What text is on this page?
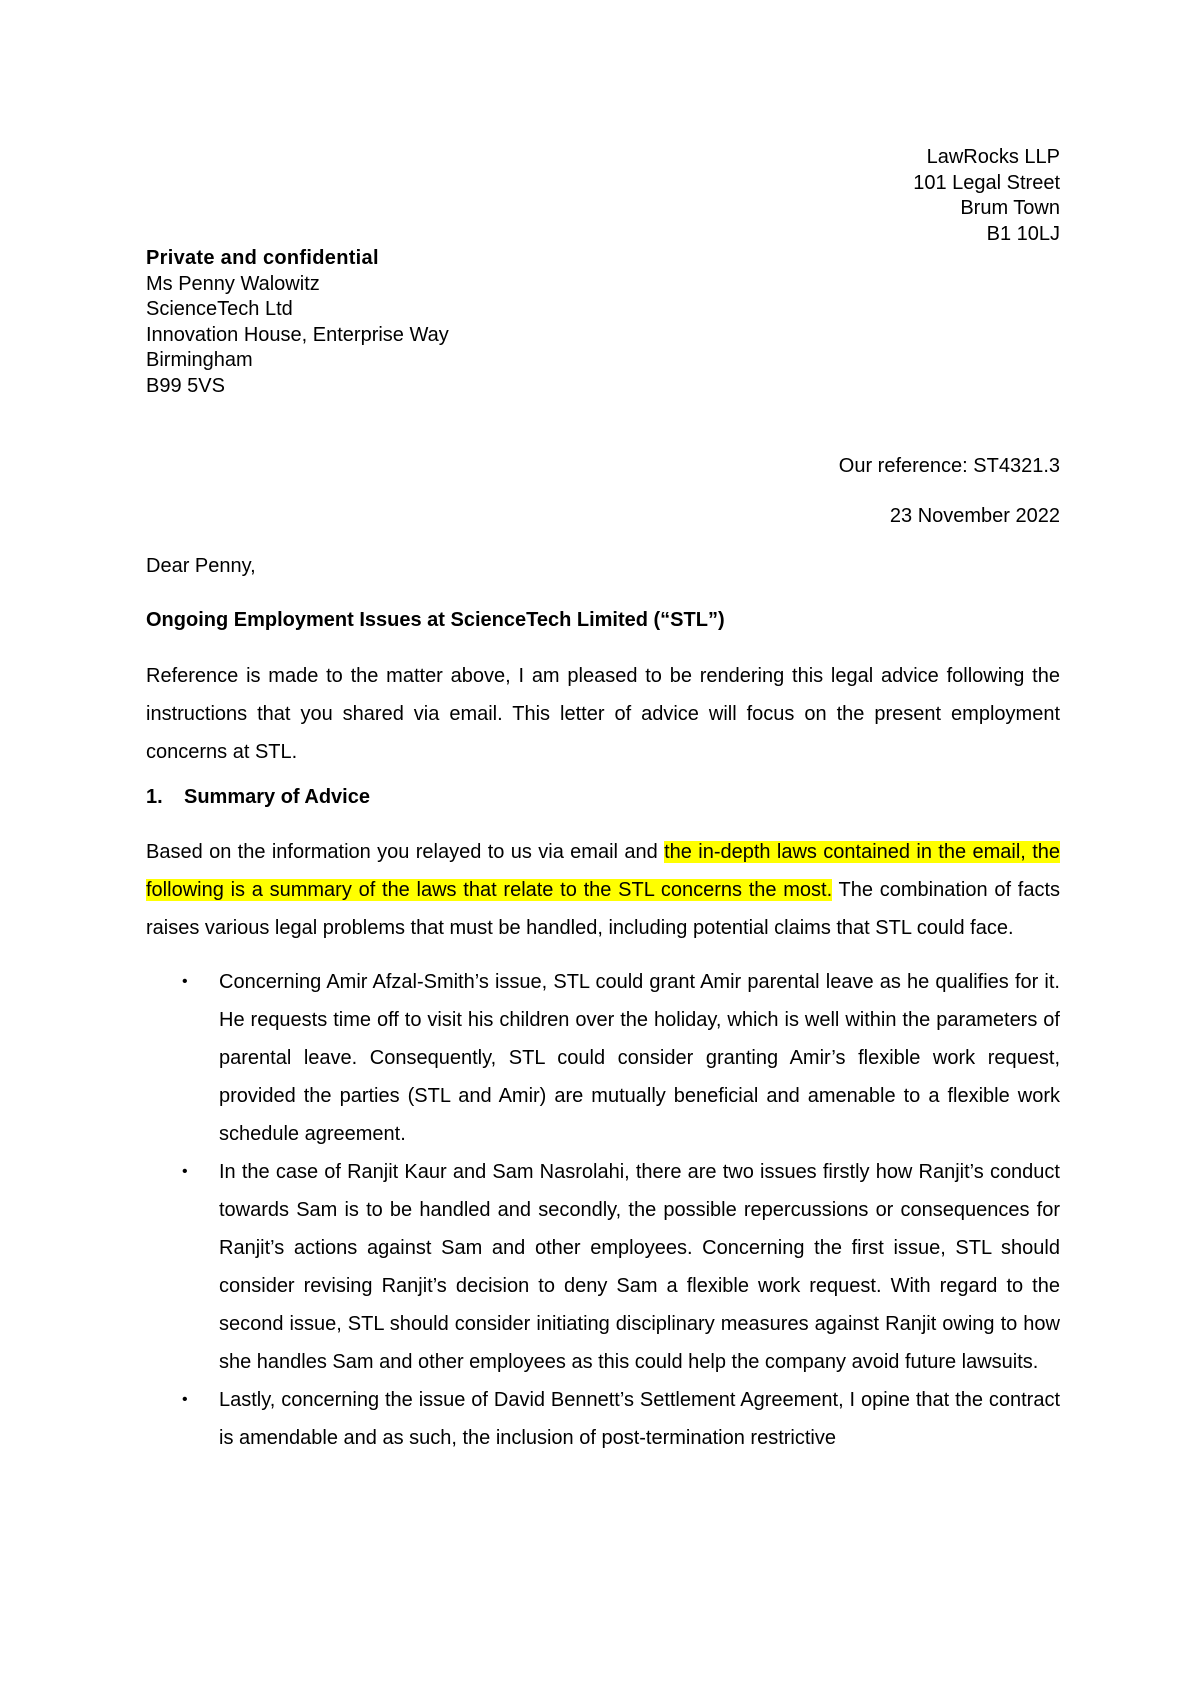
LawRocks LLP
101 Legal Street
Brum Town
B1 10LJ
Private and confidential
Ms Penny Walowitz
ScienceTech Ltd
Innovation House, Enterprise Way
Birmingham
B99 5VS
Our reference: ST4321.3
23 November 2022
Dear Penny,
Ongoing Employment Issues at ScienceTech Limited (“STL”)
Reference is made to the matter above, I am pleased to be rendering this legal advice following the instructions that you shared via email. This letter of advice will focus on the present employment concerns at STL.
1. Summary of Advice
Based on the information you relayed to us via email and the in-depth laws contained in the email, the following is a summary of the laws that relate to the STL concerns the most. The combination of facts raises various legal problems that must be handled, including potential claims that STL could face.
• Concerning Amir Afzal-Smith’s issue, STL could grant Amir parental leave as he qualifies for it. He requests time off to visit his children over the holiday, which is well within the parameters of parental leave. Consequently, STL could consider granting Amir’s flexible work request, provided the parties (STL and Amir) are mutually beneficial and amenable to a flexible work schedule agreement.
• In the case of Ranjit Kaur and Sam Nasrolahi, there are two issues firstly how Ranjit’s conduct towards Sam is to be handled and secondly, the possible repercussions or consequences for Ranjit’s actions against Sam and other employees. Concerning the first issue, STL should consider revising Ranjit’s decision to deny Sam a flexible work request. With regard to the second issue, STL should consider initiating disciplinary measures against Ranjit owing to how she handles Sam and other employees as this could help the company avoid future lawsuits.
• Lastly, concerning the issue of David Bennett’s Settlement Agreement, I opine that the contract is amendable and as such, the inclusion of post-termination restrictive
